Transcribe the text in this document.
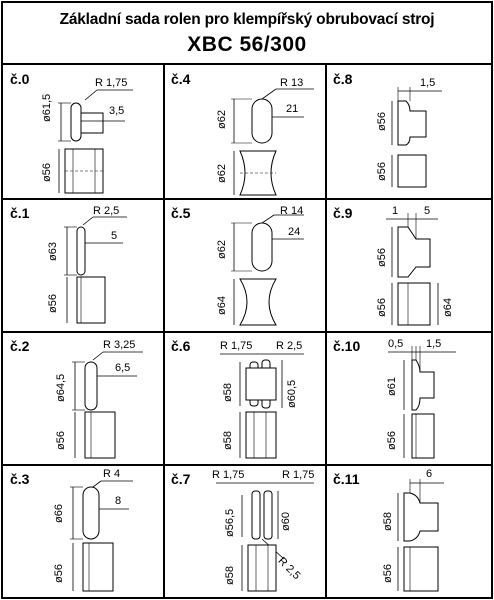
Základní sada rolen pro klempířský obrubovací stroj
XBC 56/300
č.0	R 1,75
3,5
ø61,5
ø56
č.4	R 13
21
ø62
ø62
č.8	1,5
ø56
ø56
č.1	R 2,5
5
ø63
ø56
č.5	R 14
24
ø62
ø64
č.9	1 5
ø56
ø56	ø64
č.2	R 3,25
6,5
ø64,5
ø56
č.6	R 1,75 R 2,5
ø58	ø60,5
ø58
č.10	0,5 1,5
ø61
ø56
č.3	R 4
8
ø66
ø56
č.7 R 1,75	R 1,75
R 2,5
ø56,5	ø60
ø58
č.11	6
ø58
ø56
